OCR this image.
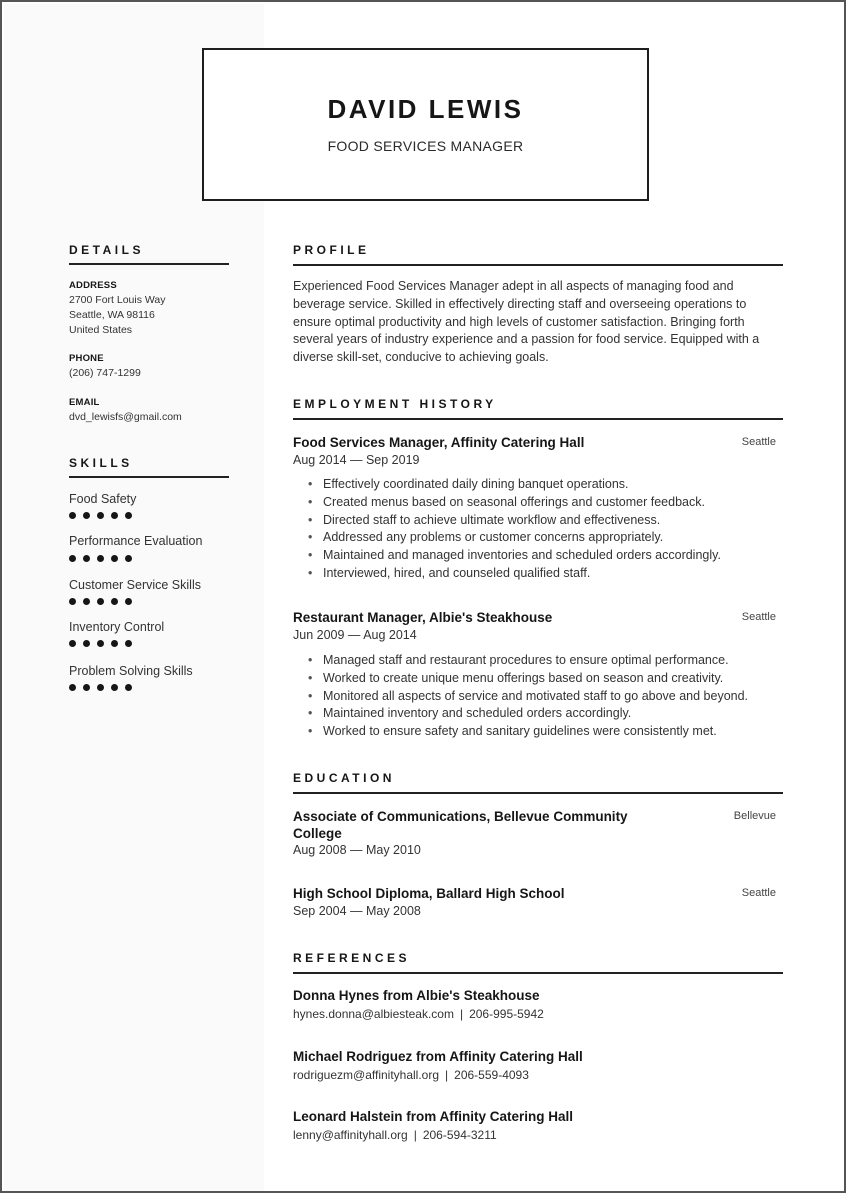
DAVID LEWIS
FOOD SERVICES MANAGER
DETAILS
ADDRESS
2700 Fort Louis Way
Seattle, WA 98116
United States
PHONE
(206) 747-1299
EMAIL
dvd_lewisfs@gmail.com
SKILLS
Food Safety
Performance Evaluation
Customer Service Skills
Inventory Control
Problem Solving Skills
PROFILE
Experienced Food Services Manager adept in all aspects of managing food and beverage service. Skilled in effectively directing staff and overseeing operations to ensure optimal productivity and high levels of customer satisfaction. Bringing forth several years of industry experience and a passion for food service. Equipped with a diverse skill-set, conducive to achieving goals.
EMPLOYMENT HISTORY
Food Services Manager, Affinity Catering Hall	Seattle
Aug 2014 — Sep 2019
• Effectively coordinated daily dining banquet operations.
• Created menus based on seasonal offerings and customer feedback.
• Directed staff to achieve ultimate workflow and effectiveness.
• Addressed any problems or customer concerns appropriately.
• Maintained and managed inventories and scheduled orders accordingly.
• Interviewed, hired, and counseled qualified staff.
Restaurant Manager, Albie's Steakhouse	Seattle
Jun 2009 — Aug 2014
• Managed staff and restaurant procedures to ensure optimal performance.
• Worked to create unique menu offerings based on season and creativity.
• Monitored all aspects of service and motivated staff to go above and beyond.
• Maintained inventory and scheduled orders accordingly.
• Worked to ensure safety and sanitary guidelines were consistently met.
EDUCATION
Associate of Communications, Bellevue Community
College
Bellevue
Aug 2008 — May 2010
High School Diploma, Ballard High School	Seattle
Sep 2004 — May 2008
REFERENCES
Donna Hynes from Albie's Steakhouse
hynes.donna@albiesteak.com | 206-995-5942
Michael Rodriguez from Affinity Catering Hall
rodriguezm@affinityhall.org | 206-559-4093
Leonard Halstein from Affinity Catering Hall
lenny@affinityhall.org | 206-594-3211
